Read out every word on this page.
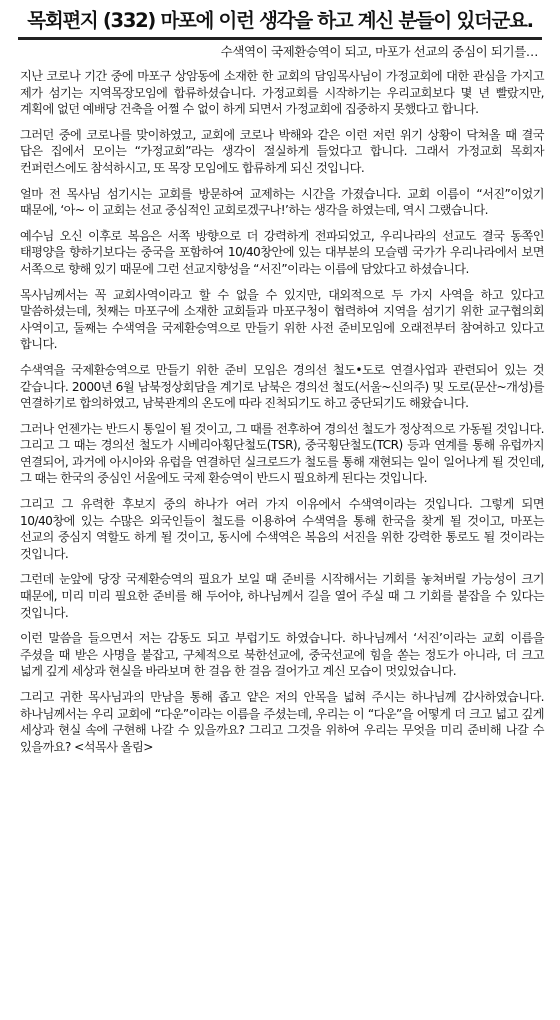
목회편지 (332) 마포에 이런 생각을 하고 계신 분들이 있더군요.
수색역이 국제환승역이 되고, 마포가 선교의 중심이 되기를…

지난 코로나 기간 중에 마포구 상암동에 소재한 한 교회의 담임목사님이 가정교회에 대한 관심을 가지고 제가 섬기는 지역목장모임에 합류하셨습니다. 가정교회를 시작하기는 우리교회보다 몇 년 빨랐지만, 계획에 없던 예배당 건축을 어쩔 수 없이 하게 되면서 가정교회에 집중하지 못했다고 합니다.

그러던 중에 코로나를 맞이하였고, 교회에 코로나 박해와 같은 이런 저런 위기 상황이 닥쳐올 때 결국 답은 집에서 모이는 “가정교회”라는 생각이 절실하게 들었다고 합니다. 그래서 가정교회 목회자 컨퍼런스에도 참석하시고, 또 목장 모임에도 합류하게 되신 것입니다.

얼마 전 목사님 섬기시는 교회를 방문하여 교제하는 시간을 가졌습니다. 교회 이름이 “서진”이었기 때문에, ‘아~ 이 교회는 선교 중심적인 교회로겠구나!’하는 생각을 하였는데, 역시 그랬습니다.

예수님 오신 이후로 복음은 서쪽 방향으로 더 강력하게 전파되었고, 우리나라의 선교도 결국 동쪽인 태평양을 향하기보다는 중국을 포함하여 10/40창안에 있는 대부분의 모슬렘 국가가 우리나라에서 보면 서쪽으로 향해 있기 때문에 그런 선교지향성을 “서진”이라는 이름에 담았다고 하셨습니다.

목사님께서는 꼭 교회사역이라고 할 수 없을 수 있지만, 대외적으로 두 가지 사역을 하고 있다고 말씀하셨는데, 첫째는 마포구에 소재한 교회들과 마포구청이 협력하여 지역을 섬기기 위한 교구협의회 사역이고, 둘째는 수색역을 국제환승역으로 만들기 위한 사전 준비모임에 오래전부터 참여하고 있다고 합니다.

수색역을 국제환승역으로 만들기 위한 준비 모임은 경의선 철도•도로 연결사업과 관련되어 있는 것 같습니다. 2000년 6월 남북정상회담을 계기로 남북은 경의선 철도(서울~신의주) 및 도로(문산~개성)를 연결하기로 합의하였고, 남북관계의 온도에 따라 진척되기도 하고 중단되기도 해왔습니다.

그러나 언젠가는 반드시 통일이 될 것이고, 그 때를 전후하여 경의선 철도가 정상적으로 가동될 것입니다. 그리고 그 때는 경의선 철도가 시베리아횡단철도(TSR), 중국횡단철도(TCR) 등과 연계를 통해 유럽까지 연결되어, 과거에 아시아와 유럽을 연결하던 실크로드가 철도를 통해 재현되는 일이 일어나게 될 것인데, 그 때는 한국의 중심인 서울에도 국제 환승역이 반드시 필요하게 된다는 것입니다.

그리고 그 유력한 후보지 중의 하나가 여러 가지 이유에서 수색역이라는 것입니다. 그렇게 되면 10/40창에 있는 수많은 외국인들이 철도를 이용하여 수색역을 통해 한국을 찾게 될 것이고, 마포는 선교의 중심지 역할도 하게 될 것이고, 동시에 수색역은 복음의 서진을 위한 강력한 통로도 될 것이라는 것입니다.

그런데 눈앞에 당장 국제환승역의 필요가 보일 때 준비를 시작해서는 기회를 놓쳐버릴 가능성이 크기 때문에, 미리 미리 필요한 준비를 해 두어야, 하나님께서 길을 열어 주실 때 그 기회를 붙잡을 수 있다는 것입니다.

이런 말씀을 들으면서 저는 감동도 되고 부럽기도 하였습니다. 하나님께서 ‘서진’이라는 교회 이름을 주셨을 때 받은 사명을 붙잡고, 구체적으로 북한선교에, 중국선교에 힘을 쏟는 정도가 아니라, 더 크고 넓게 깊게 세상과 현실을 바라보며 한 걸음 한 걸음 걸어가고 계신 모습이 멋있었습니다.

그리고 귀한 목사님과의 만남을 통해 좁고 얕은 저의 안목을 넓혀 주시는 하나님께 감사하였습니다. 하나님께서는 우리 교회에 “다운”이라는 이름을 주셨는데, 우리는 이 “다운”을 어떻게 더 크고 넓고 깊게 세상과 현실 속에 구현해 나갈 수 있을까요? 그리고 그것을 위하여 우리는 무엇을 미리 준비해 나갈 수 있을까요? <석목사 올림>
